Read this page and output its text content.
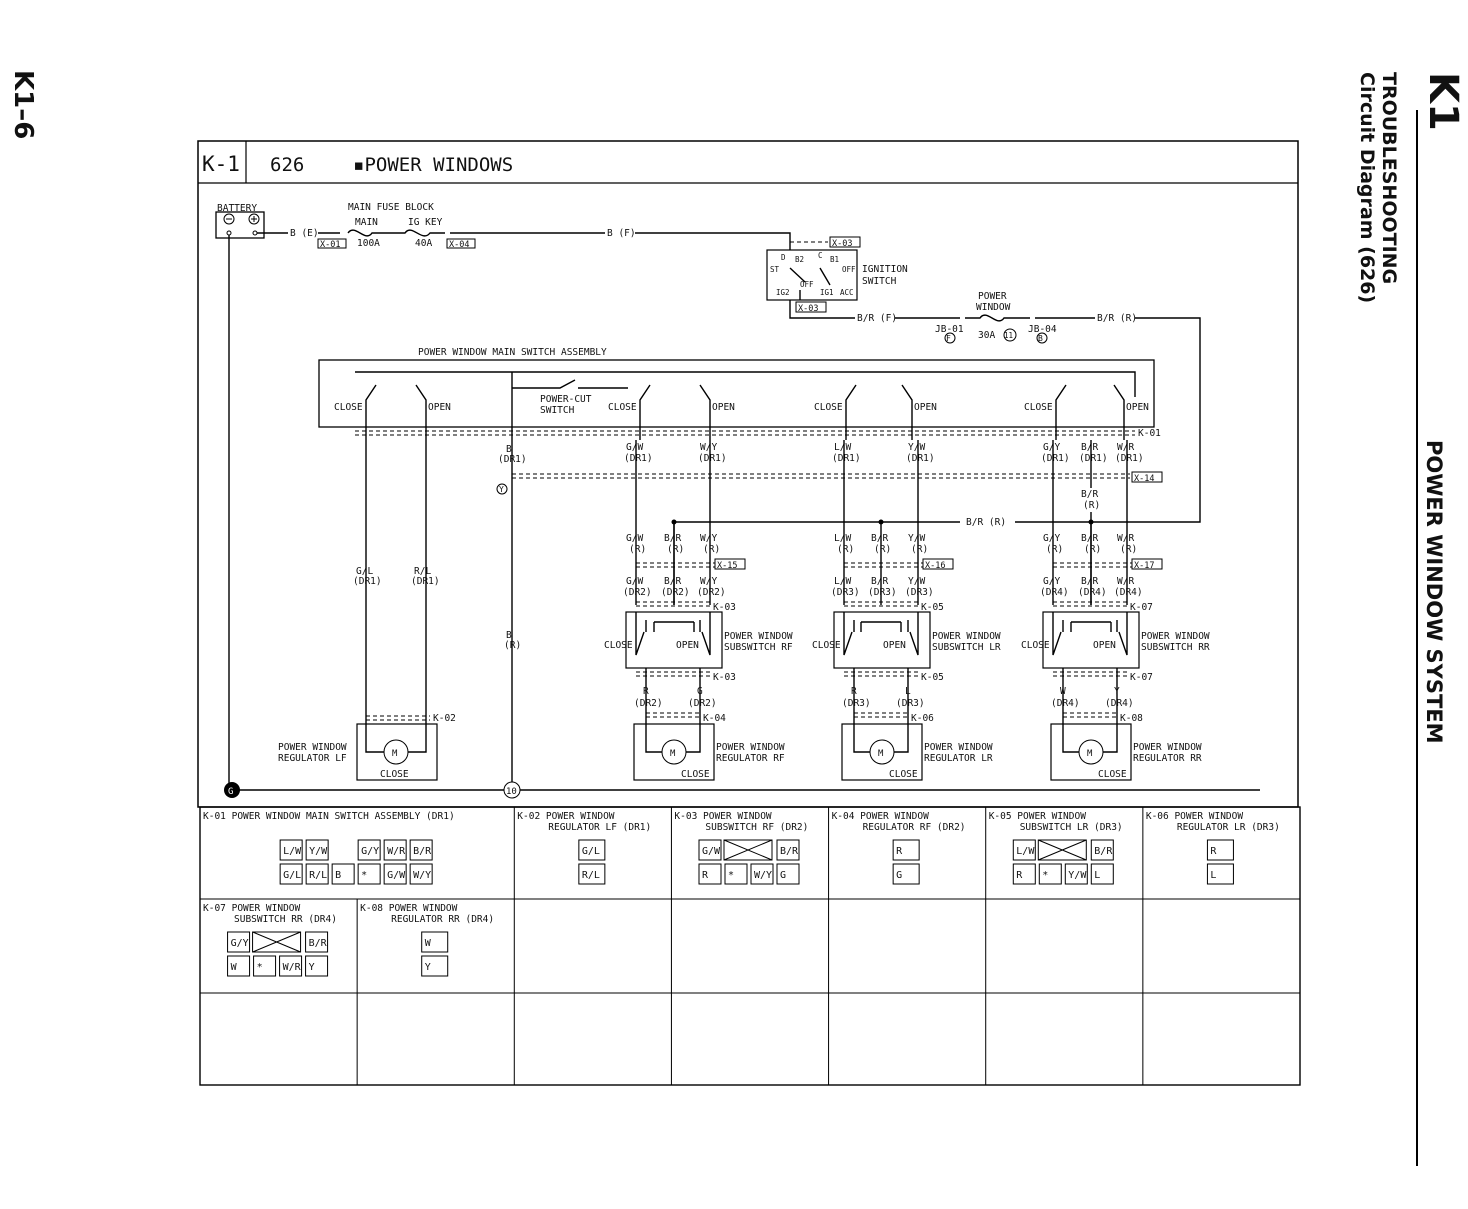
K1–6	K1
TROUBLESHOOTING
Circuit Diagram (626)
POWER WINDOW SYSTEM
K-1 626	▪POWER WINDOWS
BATTERY
B (E)
MAIN FUSE BLOCK
MAIN	IG KEY
100A	40A
X-01	X-04
B (F)
X-03
D B2 C B1
ST
OFF
OFF
IG2	IG1 ACC
IGNITION
SWITCH
X-03
B/R (F)
POWER
WINDOW
JB-01
F	30A 11
JB-04
B
B/R (R)
POWER WINDOW MAIN SWITCH ASSEMBLY
POWER-CUT
SWITCH
CLOSE	OPEN	CLOSE	OPEN	CLOSE	OPEN	CLOSE	OPEN
K-01
G	10
Y
X-14
G/L
(DR1)
R/L
(DR1)
B
(DR1)
B
(R)
K-02
M
CLOSE
POWER WINDOW
REGULATOR LF
G/W
(DR1)
W/Y
(DR1)
L/W
(DR1)
Y/W
(DR1)
G/Y
(DR1)
B/R
(DR1)
W/R
(DR1)
B/R
(R)
B/R (R)
G/W
(R)
G/W
(DR2)
B/R
(R)
B/R
(DR2)
W/Y
(R)
W/Y
(DR2)
X-15
K-03
CLOSE	OPEN
POWER WINDOW
SUBSWITCH RF
K-03
R
(DR2)
G
(DR2)
K-04
M
CLOSE
POWER WINDOW
REGULATOR RF
L/W
(R)
L/W
(DR3)
B/R
(R)
B/R
(DR3)
Y/W
(R)
Y/W
(DR3)
X-16
K-05
CLOSE	OPEN
POWER WINDOW
SUBSWITCH LR
K-05
R
(DR3)
L
(DR3)
K-06
M
CLOSE
POWER WINDOW
REGULATOR LR
G/Y
(R)
G/Y
(DR4)
B/R
(R)
B/R
(DR4)
W/R
(R)
W/R
(DR4)
X-17
K-07
CLOSE	OPEN
POWER WINDOW
SUBSWITCH RR
K-07
W
(DR4)
Y
(DR4)
K-08
M
CLOSE
POWER WINDOW
REGULATOR RR
K-01 POWER WINDOW MAIN SWITCH ASSEMBLY (DR1)
L/W Y/W	G/Y W/R B/R
G/L R/L B * G/W W/Y
K-02 POWER WINDOW
REGULATOR LF (DR1)
G/L
R/L
K-03 POWER WINDOW
SUBSWITCH RF (DR2)
G/W	B/R
R * W/Y G
K-04 POWER WINDOW
REGULATOR RF (DR2)
R
G
K-05 POWER WINDOW
SUBSWITCH LR (DR3)
L/W	B/R
R * Y/W L
K-06 POWER WINDOW
REGULATOR LR (DR3)
R
L
K-07 POWER WINDOW
SUBSWITCH RR (DR4)
G/Y	B/R
W * W/R Y
K-08 POWER WINDOW
REGULATOR RR (DR4)
W
Y
